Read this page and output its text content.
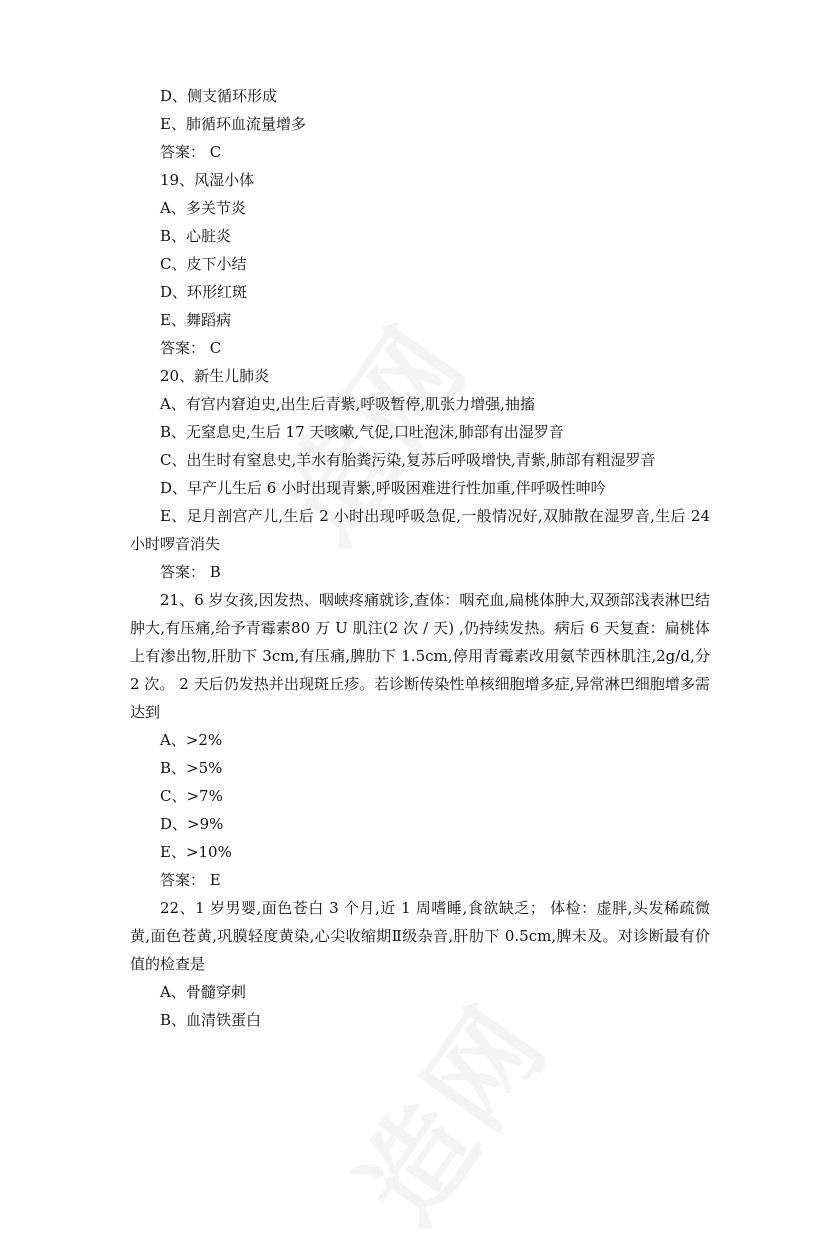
D、侧支循环形成
E、肺循环血流量增多
答案： C
19、风湿小体
A、多关节炎
B、心脏炎
C、皮下小结
D、环形红斑
E、舞蹈病
答案： C
20、新生儿肺炎
A、有宫内窘迫史,出生后青紫,呼吸暂停,肌张力增强,抽搐
B、无窒息史,生后 17 天咳嗽,气促,口吐泡沫,肺部有出湿罗音

C、出生时有窒息史,羊水有胎粪污染,复苏后呼吸增快,青紫,肺部有粗湿罗音

D、早产儿生后 6 小时出现青紫,呼吸困难进行性加重,伴呼吸性呻吟

E、足月剖宫产儿,生后 2 小时出现呼吸急促,一般情况好,双肺散在湿罗音,生后 24 小时啰音消失

答案： B

21、6 岁女孩,因发热、咽峡疼痛就诊,查体：咽充血,扁桃体肿大,双颈部浅表淋巴结肿大,有压痛,给予青霉素80 万 U 肌注(2 次 / 天) ,仍持续发热。病后 6 天复查：扁桃体上有渗出物,肝肋下 3cm,有压痛,脾肋下 1.5cm,停用青霉素改用氨苄西林肌注,2g/d,分 2 次。 2 天后仍发热并出现斑丘疹。若诊断传染性单核细胞增多症,异常淋巴细胞增多需达到

A、>2%
B、>5%
C、>7%
D、>9%
E、>10%
答案： E

22、1 岁男婴,面色苍白 3 个月,近 1 周嗜睡,食欲缺乏； 体检：虚胖,头发稀疏微黄,面色苍黄,巩膜轻度黄染,心尖收缩期Ⅱ级杂音,肝肋下 0.5cm,脾未及。对诊断最有价值的检查是

A、骨髓穿刺
B、血清铁蛋白
